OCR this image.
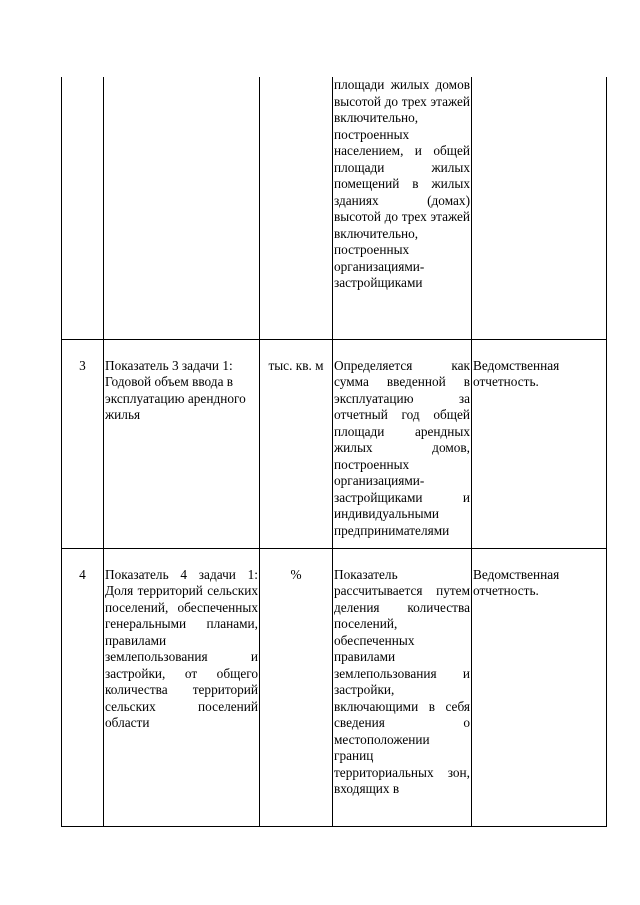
			площади жилых домов высотой до трех этажей включительно, построенных населением, и общей площади жилых помещений в жилых зданиях (домах) высотой до трех этажей включительно, построенных организациями-застройщиками	

3	Показатель 3 задачи 1: Годовой объем ввода в эксплуатацию арендного жилья	тыс. кв. м	Определяется как сумма введенной в эксплуатацию за отчетный год общей площади арендных жилых домов, построенных организациями-застройщиками и индивидуальными предпринимателями	Ведомственная отчетность.

4	Показатель 4 задачи 1: Доля территорий сельских поселений, обеспеченных генеральными планами, правилами землепользования и застройки, от общего количества территорий сельских поселений области	%	Показатель рассчитывается путем деления количества поселений, обеспеченных правилами землепользования и застройки, включающими в себя сведения о местоположении границ территориальных зон, входящих в	Ведомственная отчетность.
